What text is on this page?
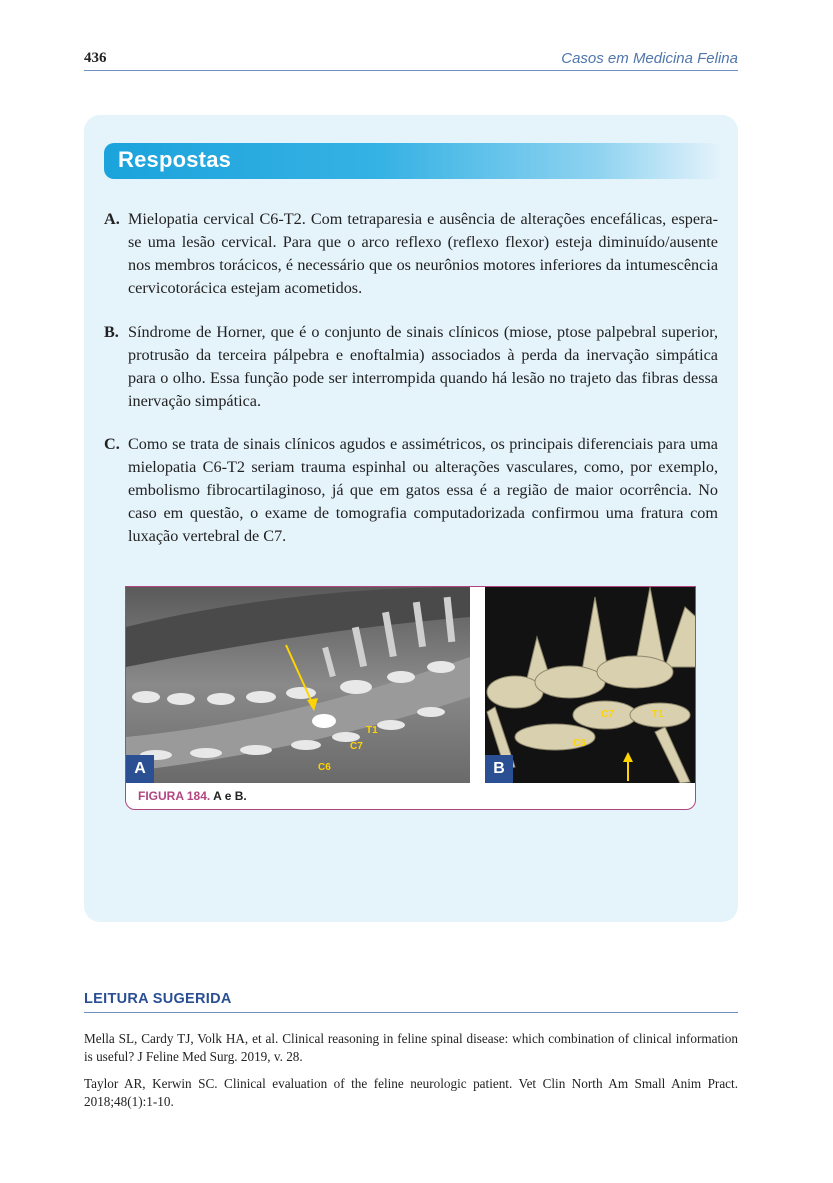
436	Casos em Medicina Felina
Respostas
A. Mielopatia cervical C6-T2. Com tetraparesia e ausência de alterações encefálicas, espera-se uma lesão cervical. Para que o arco reflexo (reflexo flexor) esteja diminuído/ausente nos membros torácicos, é necessário que os neurônios motores inferiores da intumescência cervicotorácica estejam acometidos.
B. Síndrome de Horner, que é o conjunto de sinais clínicos (miose, ptose palpebral superior, protrusão da terceira pálpebra e enoftalmia) associados à perda da inervação simpática para o olho. Essa função pode ser interrompida quando há lesão no trajeto das fibras dessa inervação simpática.
C. Como se trata de sinais clínicos agudos e assimétricos, os principais diferenciais para uma mielopatia C6-T2 seriam trauma espinhal ou alterações vasculares, como, por exemplo, embolismo fibrocartilaginoso, já que em gatos essa é a região de maior ocorrência. No caso em questão, o exame de tomografia computadorizada confirmou uma fratura com luxação vertebral de C7.
T1
C7
C6
A
C7	T1
C6
B
FIGURA 184. A e B.
LEITURA SUGERIDA
Mella SL, Cardy TJ, Volk HA, et al. Clinical reasoning in feline spinal disease: which combination of clinical information is useful? J Feline Med Surg. 2019, v. 28.
Taylor AR, Kerwin SC. Clinical evaluation of the feline neurologic patient. Vet Clin North Am Small Anim Pract. 2018;48(1):1-10.
